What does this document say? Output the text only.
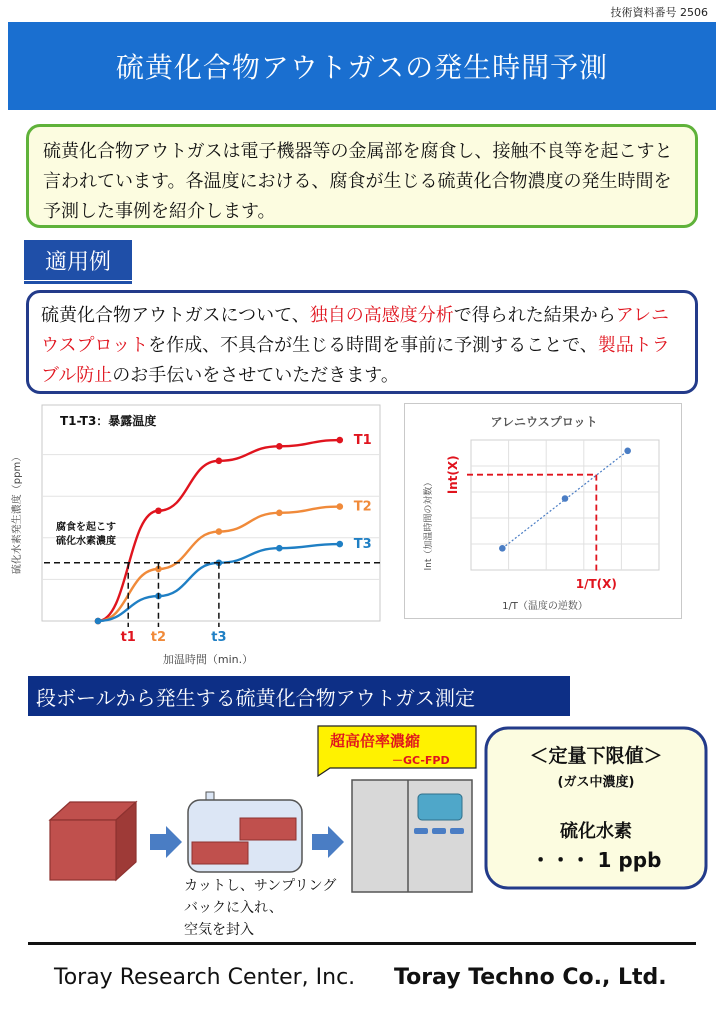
技術資料番号 2506
硫黄化合物アウトガスの発生時間予測
硫黄化合物アウトガスは電子機器等の金属部を腐食し、接触不良等を起こすと言われています。各温度における、腐食が生じる硫黄化合物濃度の発生時間を予測した事例を紹介します。
適用例
硫黄化合物アウトガスについて、独自の高感度分析で得られた結果からアレニウスプロットを作成、不具合が生じる時間を事前に予測することで、製品トラブル防止のお手伝いをさせていただきます。
T1-T3：暴露温度
硫化水素発生濃度（ppm）
T1
T2
T3
t1 t2	t3
腐食を起こす
硫化水素濃度
加温時間（min.）
アレニウスプロット
1/T(X)
lnt(X)
lnt（加温時間の対数）
1/T（温度の逆数）
段ボールから発生する硫黄化合物アウトガス測定
カットし、サンプリング
バックに入れ、
空気を封入
超高倍率濃縮
－GC-FPD	＜定量下限値＞
(ガス中濃度)
硫化水素
・・・ 1 ppb
Toray Research Center, Inc. Toray Techno Co., Ltd.
